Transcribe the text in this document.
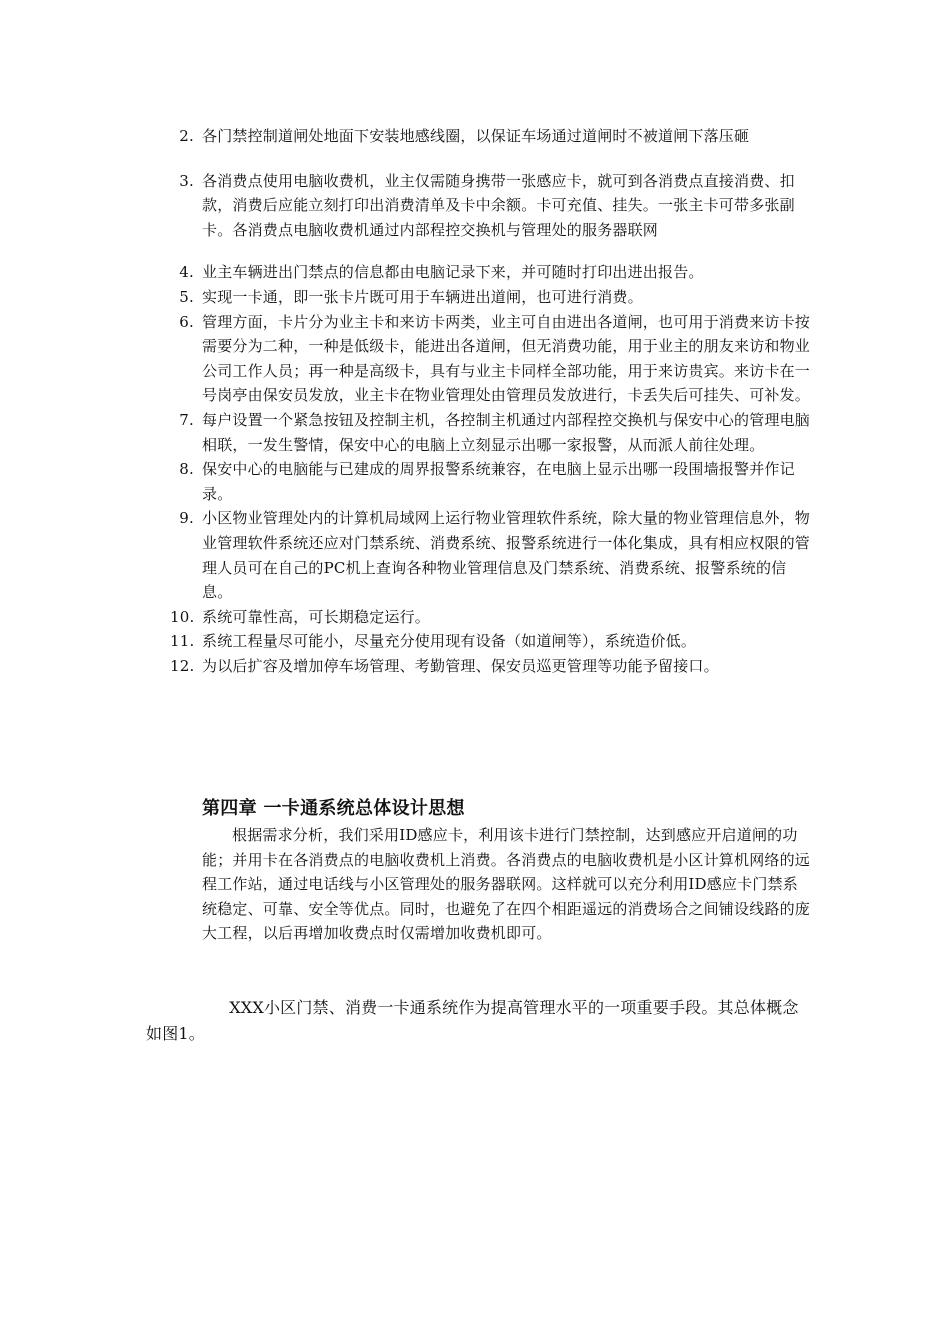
2. 各门禁控制道闸处地面下安装地感线圈，以保证车场通过道闸时不被道闸下落压砸
3. 各消费点使用电脑收费机，业主仅需随身携带一张感应卡，就可到各消费点直接消费、扣款，消费后应能立刻打印出消费清单及卡中余额。卡可充值、挂失。一张主卡可带多张副卡。各消费点电脑收费机通过内部程控交换机与管理处的服务器联网
4. 业主车辆进出门禁点的信息都由电脑记录下来，并可随时打印出进出报告。
5. 实现一卡通，即一张卡片既可用于车辆进出道闸，也可进行消费。
6. 管理方面，卡片分为业主卡和来访卡两类，业主可自由进出各道闸，也可用于消费来访卡按需要分为二种，一种是低级卡，能进出各道闸，但无消费功能，用于业主的朋友来访和物业公司工作人员；再一种是高级卡，具有与业主卡同样全部功能，用于来访贵宾。来访卡在一号岗亭由保安员发放，业主卡在物业管理处由管理员发放进行，卡丢失后可挂失、可补发。
7. 每户设置一个紧急按钮及控制主机，各控制主机通过内部程控交换机与保安中心的管理电脑相联，一发生警情，保安中心的电脑上立刻显示出哪一家报警，从而派人前往处理。
8. 保安中心的电脑能与已建成的周界报警系统兼容，在电脑上显示出哪一段围墙报警并作记录。
9. 小区物业管理处内的计算机局域网上运行物业管理软件系统，除大量的物业管理信息外，物业管理软件系统还应对门禁系统、消费系统、报警系统进行一体化集成，具有相应权限的管理人员可在自己的PC机上查询各种物业管理信息及门禁系统、消费系统、报警系统的信息。
10. 系统可靠性高，可长期稳定运行。
11. 系统工程量尽可能小，尽量充分使用现有设备（如道闸等），系统造价低。
12. 为以后扩容及增加停车场管理、考勤管理、保安员巡更管理等功能予留接口。
第四章 一卡通系统总体设计思想

根据需求分析，我们采用ID感应卡，利用该卡进行门禁控制，达到感应开启道闸的功能；并用卡在各消费点的电脑收费机上消费。各消费点的电脑收费机是小区计算机网络的远程工作站，通过电话线与小区管理处的服务器联网。这样就可以充分利用ID感应卡门禁系统稳定、可靠、安全等优点。同时，也避免了在四个相距遥远的消费场合之间铺设线路的庞大工程，以后再增加收费点时仅需增加收费机即可。

XXX小区门禁、消费一卡通系统作为提高管理水平的一项重要手段。其总体概念如图1。
